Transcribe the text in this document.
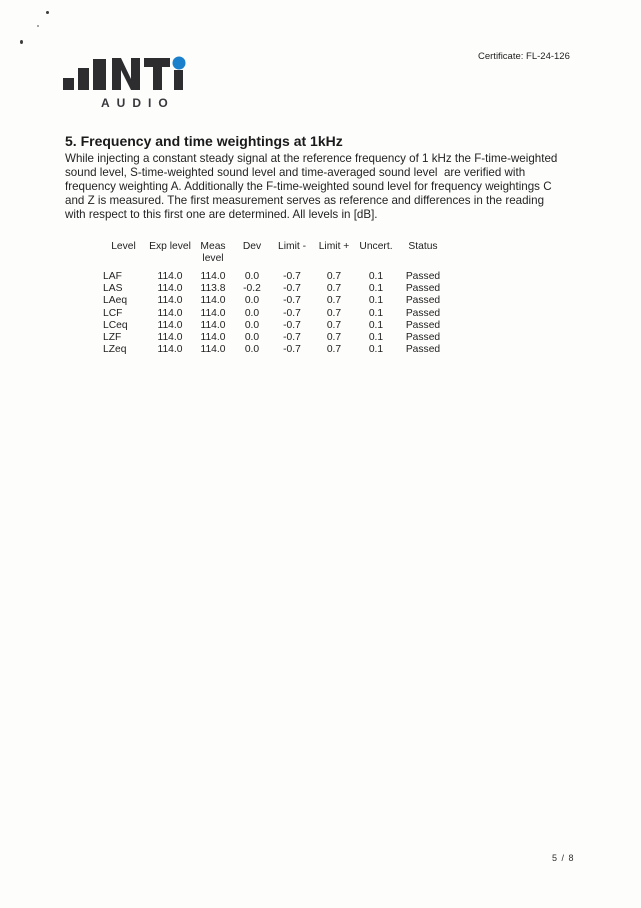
AUDIO
Certificate: FL-24-126
5. Frequency and time weightings at 1kHz
While injecting a constant steady signal at the reference frequency of 1 kHz the F-time-weighted
sound level, S-time-weighted sound level and time-averaged sound level  are verified with
frequency weighting A. Additionally the F-time-weighted sound level for frequency weightings C
and Z is measured. The first measurement serves as reference and differences in the reading
with respect to this first one are determined. All levels in [dB].
Level	Exp level	Meas level	Dev	Limit -	Limit +	Uncert.	Status
LAF	114.0	114.0	0.0	-0.7	0.7	0.1	Passed
LAS	114.0	113.8	-0.2	-0.7	0.7	0.1	Passed
LAeq	114.0	114.0	0.0	-0.7	0.7	0.1	Passed
LCF	114.0	114.0	0.0	-0.7	0.7	0.1	Passed
LCeq	114.0	114.0	0.0	-0.7	0.7	0.1	Passed
LZF	114.0	114.0	0.0	-0.7	0.7	0.1	Passed
LZeq	114.0	114.0	0.0	-0.7	0.7	0.1	Passed
5 / 8
